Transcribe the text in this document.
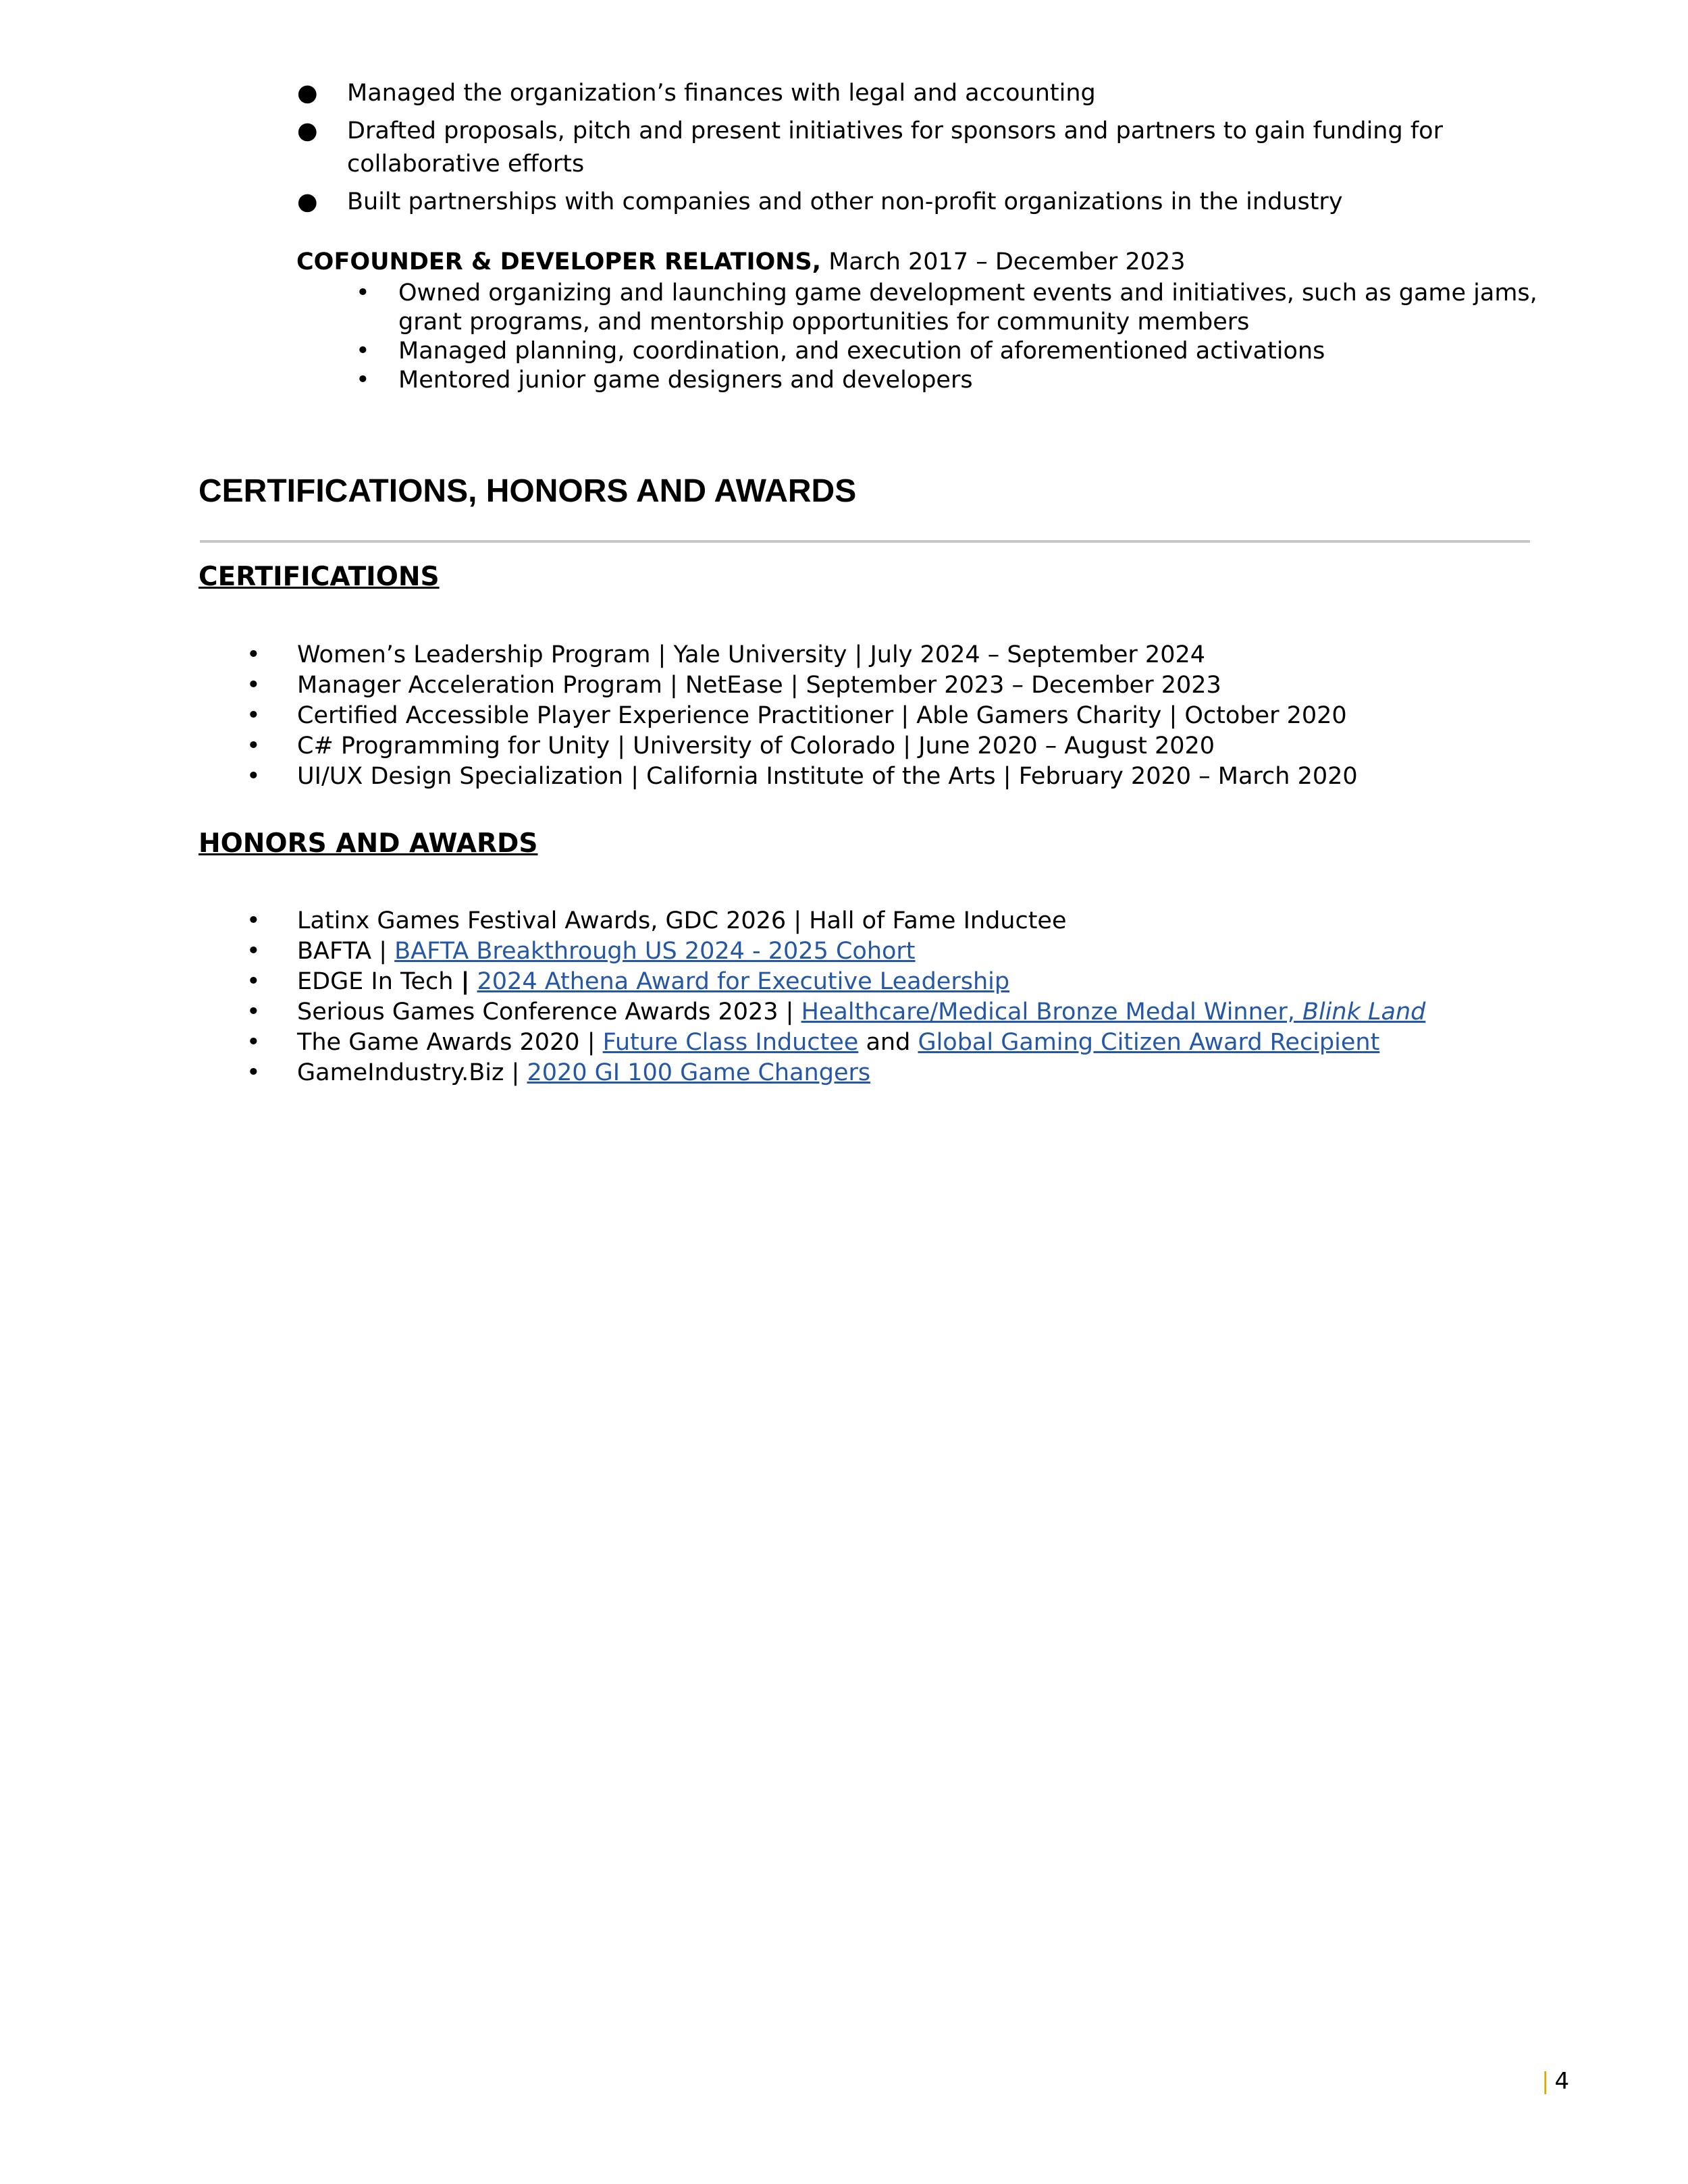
● Managed the organization’s finances with legal and accounting
● Drafted proposals, pitch and present initiatives for sponsors and partners to gain funding for collaborative efforts
● Built partnerships with companies and other non-profit organizations in the industry
COFOUNDER & DEVELOPER RELATIONS, March 2017 – December 2023
• Owned organizing and launching game development events and initiatives, such as game jams, grant programs, and mentorship opportunities for community members
• Managed planning, coordination, and execution of aforementioned activations
• Mentored junior game designers and developers
CERTIFICATIONS, HONORS AND AWARDS
CERTIFICATIONS
• Women’s Leadership Program | Yale University | July 2024 – September 2024
• Manager Acceleration Program | NetEase | September 2023 – December 2023
• Certified Accessible Player Experience Practitioner | Able Gamers Charity | October 2020
• C# Programming for Unity | University of Colorado | June 2020 – August 2020
• UI/UX Design Specialization | California Institute of the Arts | February 2020 – March 2020
HONORS AND AWARDS
• Latinx Games Festival Awards, GDC 2026 | Hall of Fame Inductee
• BAFTA | BAFTA Breakthrough US 2024 - 2025 Cohort
• EDGE In Tech | 2024 Athena Award for Executive Leadership
• Serious Games Conference Awards 2023 | Healthcare/Medical Bronze Medal Winner, Blink Land
• The Game Awards 2020 | Future Class Inductee and Global Gaming Citizen Award Recipient
• GameIndustry.Biz | 2020 GI 100 Game Changers
| 4
